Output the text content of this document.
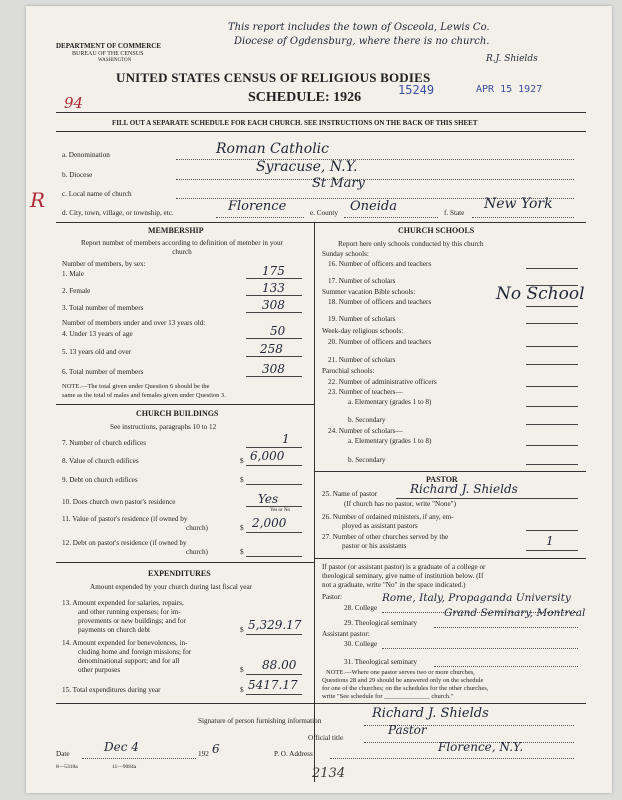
DEPARTMENT OF COMMERCE
BUREAU OF THE CENSUS
WASHINGTON
This report includes the town of Osceola, Lewis Co.
Diocese of Ogdensburg, where there is no church.
R.J. Shields
UNITED STATES CENSUS OF RELIGIOUS BODIES
SCHEDULE: 1926	15249	APR 15 1927
94
FILL OUT A SEPARATE SCHEDULE FOR EACH CHURCH. SEE INSTRUCTIONS ON THE BACK OF THIS SHEET
R
a. Denomination	Roman Catholic
b. Diocese	Syracuse, N.Y.
c. Local name of church
St Mary
d. City, town, village, or township, etc.	Florence	e. County Oneida	f. State
New York
MEMBERSHIP
Report number of members according to definition of member in your church
Number of members, by sex:
1. Male	175
2. Female	133
3. Total number of members	308
Number of members under and over 13 years old:
4. Under 13 years of age	50
5. 13 years old and over	258
6. Total number of members	308
NOTE.—The total given under Question 6 should be the
same as the total of males and females given under Question 3.
CHURCH BUILDINGS
See instructions, paragraphs 10 to 12
7. Number of church edifices	1
8. Value of church edifices	$ 6,000
9. Debt on church edifices	$
10. Does church own pastor's residence	Yes
Yes or No
11. Value of pastor's residence (if owned by
church)	$ 2,000
12. Debt on pastor's residence (if owned by
church)	$
EXPENDITURES
Amount expended by your church during last fiscal year
13. Amount expended for salaries, repairs,
and other running expenses; for im-
provements or new buildings; and for
payments on church debt	$ 5,329.17
14. Amount expended for benevolences, in-
cluding home and foreign missions; for
denominational support; and for all
other purposes	$ 88.00
15. Total expenditures during year	$ 5417.17
CHURCH SCHOOLS
Report here only schools conducted by this church
Sunday schools:
16. Number of officers and teachers
17. Number of scholars
Summer vacation Bible schools:
18. Number of officers and teachers
19. Number of scholars
No School
Week-day religious schools:
20. Number of officers and teachers
21. Number of scholars
Parochial schools:
22. Number of administrative officers
23. Number of teachers—
a. Elementary (grades 1 to 8)
b. Secondary
24. Number of scholars—
a. Elementary (grades 1 to 8)
b. Secondary
PASTOR
25. Name of pastor	Richard J. Shields
(If church has no pastor, write "None")
26. Number of ordained ministers, if any, em-
ployed as assistant pastors
27. Number of other churches served by the
pastor or his assistants	1
If pastor (or assistant pastor) is a graduate of a college or
theological seminary, give name of institution below. (If
not a graduate, write "No" in the space indicated.)
Pastor:
28. College
Rome, Italy, Propaganda University
29. Theological seminary
Grand Seminary, Montreal
Assistant pastor:
30. College
31. Theological seminary
NOTE.—Where one pastor serves two or more churches,
Questions 28 and 29 should be answered only on the schedule
for one of the churches; on the schedules for the other churches,
write "See schedule for ______________ church."
Signature of person furnishing information	Richard J. Shields
Official title
Pastor
Date	Dec 4	192 6	P. O. Address	Florence, N.Y.
8—5318a	11—9084a	2134
